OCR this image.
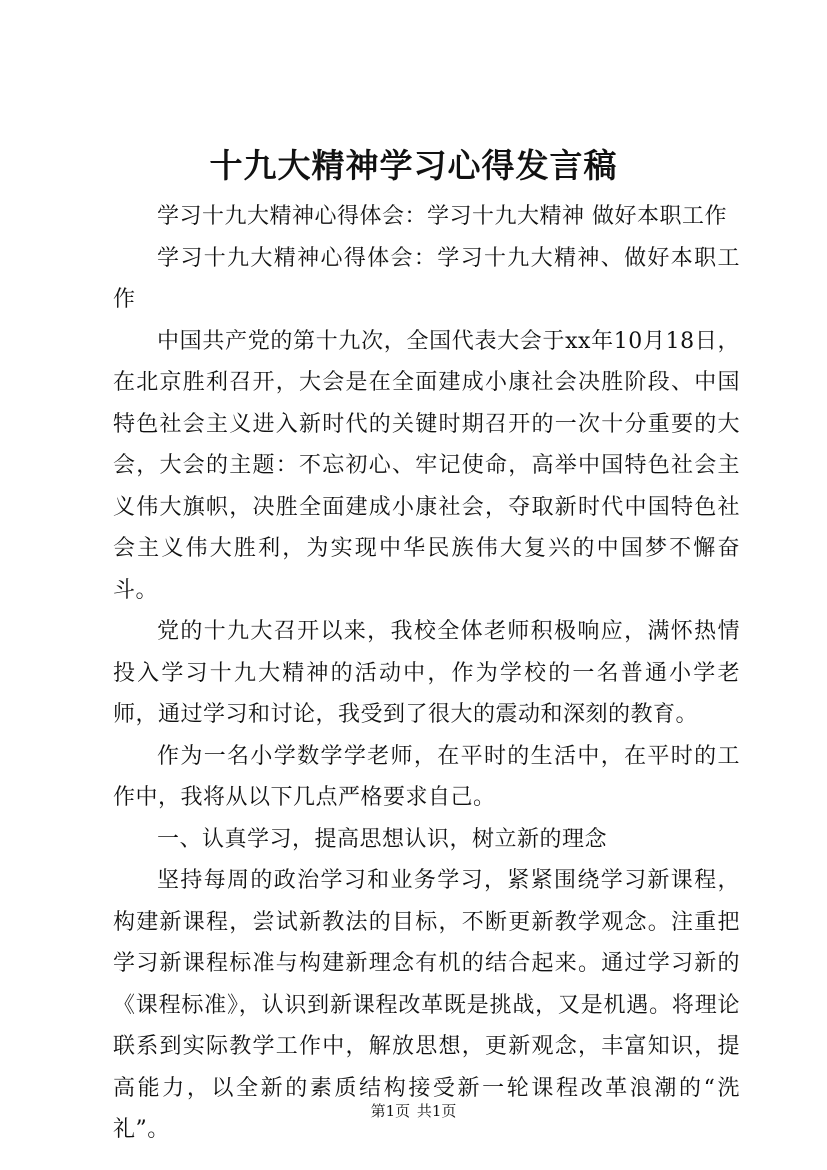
十九大精神学习心得发言稿

学习十九大精神心得体会：学习十九大精神 做好本职工作

学习十九大精神心得体会：学习十九大精神、做好本职工作

中国共产党的第十九次，全国代表大会于xx年10月18日，在北京胜利召开，大会是在全面建成小康社会决胜阶段、中国特色社会主义进入新时代的关键时期召开的一次十分重要的大会，大会的主题：不忘初心、牢记使命，高举中国特色社会主义伟大旗帜，决胜全面建成小康社会，夺取新时代中国特色社会主义伟大胜利，为实现中华民族伟大复兴的中国梦不懈奋斗。

党的十九大召开以来，我校全体老师积极响应，满怀热情投入学习十九大精神的活动中，作为学校的一名普通小学老师，通过学习和讨论，我受到了很大的震动和深刻的教育。

作为一名小学数学学老师，在平时的生活中，在平时的工作中，我将从以下几点严格要求自己。

一、认真学习，提高思想认识，树立新的理念

坚持每周的政治学习和业务学习，紧紧围绕学习新课程，构建新课程，尝试新教法的目标，不断更新教学观念。注重把学习新课程标准与构建新理念有机的结合起来。通过学习新的《课程标准》，认识到新课程改革既是挑战，又是机遇。将理论联系到实际教学工作中，解放思想，更新观念，丰富知识，提高能力，以全新的素质结构接受新一轮课程改革浪潮的“洗礼”。

第1页 共1页
